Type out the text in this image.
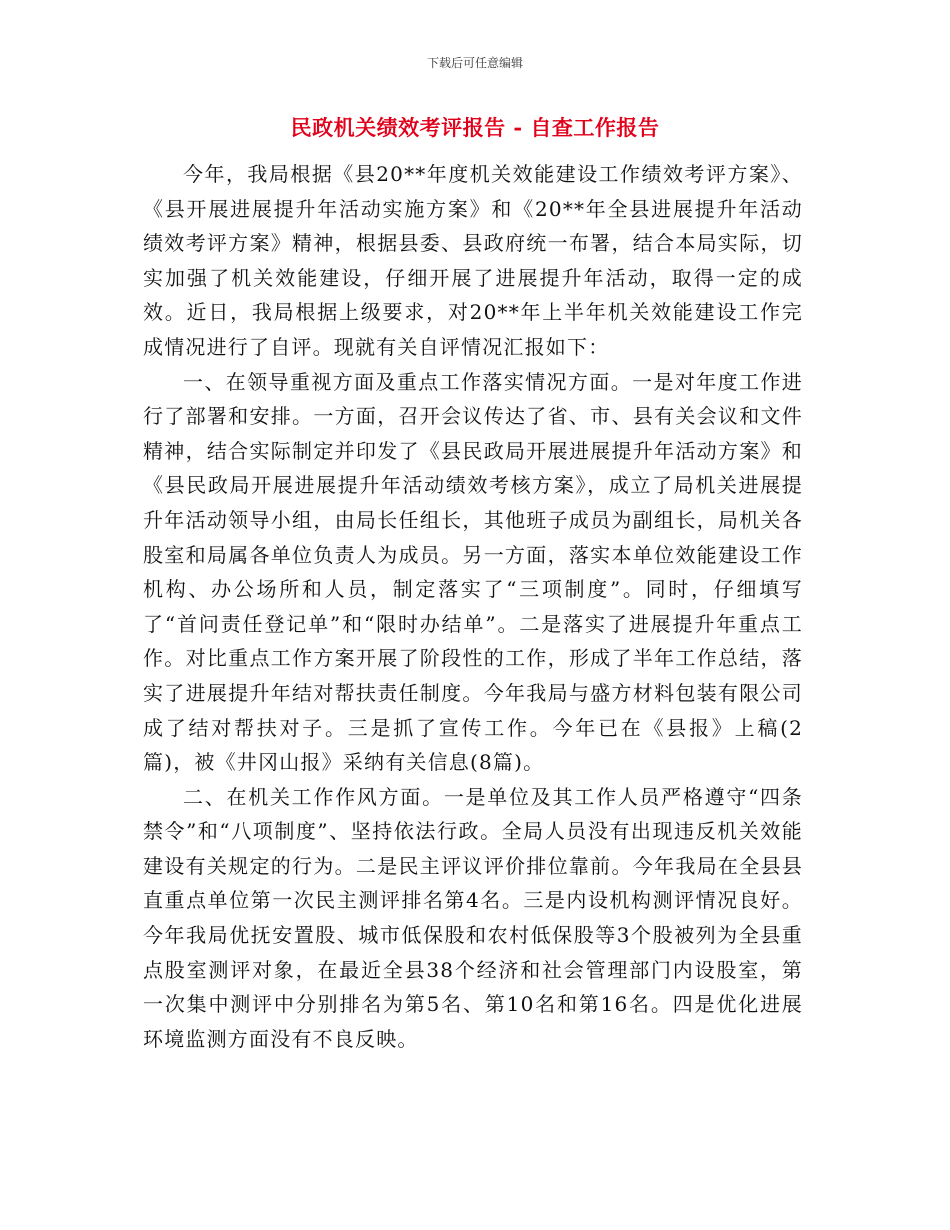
下载后可任意编辑
民政机关绩效考评报告 - 自查工作报告

今年，我局根据《县20**年度机关效能建设工作绩效考评方案》、《县开展进展提升年活动实施方案》和《20**年全县进展提升年活动绩效考评方案》精神，根据县委、县政府统一布署，结合本局实际，切实加强了机关效能建设，仔细开展了进展提升年活动，取得一定的成效。近日，我局根据上级要求，对20**年上半年机关效能建设工作完成情况进行了自评。现就有关自评情况汇报如下：

一、在领导重视方面及重点工作落实情况方面。一是对年度工作进行了部署和安排。一方面，召开会议传达了省、市、县有关会议和文件精神，结合实际制定并印发了《县民政局开展进展提升年活动方案》和《县民政局开展进展提升年活动绩效考核方案》，成立了局机关进展提升年活动领导小组，由局长任组长，其他班子成员为副组长，局机关各股室和局属各单位负责人为成员。另一方面，落实本单位效能建设工作机构、办公场所和人员，制定落实了“三项制度”。同时，仔细填写了“首问责任登记单”和“限时办结单”。二是落实了进展提升年重点工作。对比重点工作方案开展了阶段性的工作，形成了半年工作总结，落实了进展提升年结对帮扶责任制度。今年我局与盛方材料包装有限公司成了结对帮扶对子。三是抓了宣传工作。今年已在《县报》上稿(2篇)，被《井冈山报》采纳有关信息(8篇)。

二、在机关工作作风方面。一是单位及其工作人员严格遵守“四条禁令”和“八项制度”、坚持依法行政。全局人员没有出现违反机关效能建设有关规定的行为。二是民主评议评价排位靠前。今年我局在全县县直重点单位第一次民主测评排名第4名。三是内设机构测评情况良好。今年我局优抚安置股、城市低保股和农村低保股等3个股被列为全县重点股室测评对象，在最近全县38个经济和社会管理部门内设股室，第一次集中测评中分别排名为第5名、第10名和第16名。四是优化进展环境监测方面没有不良反映。
